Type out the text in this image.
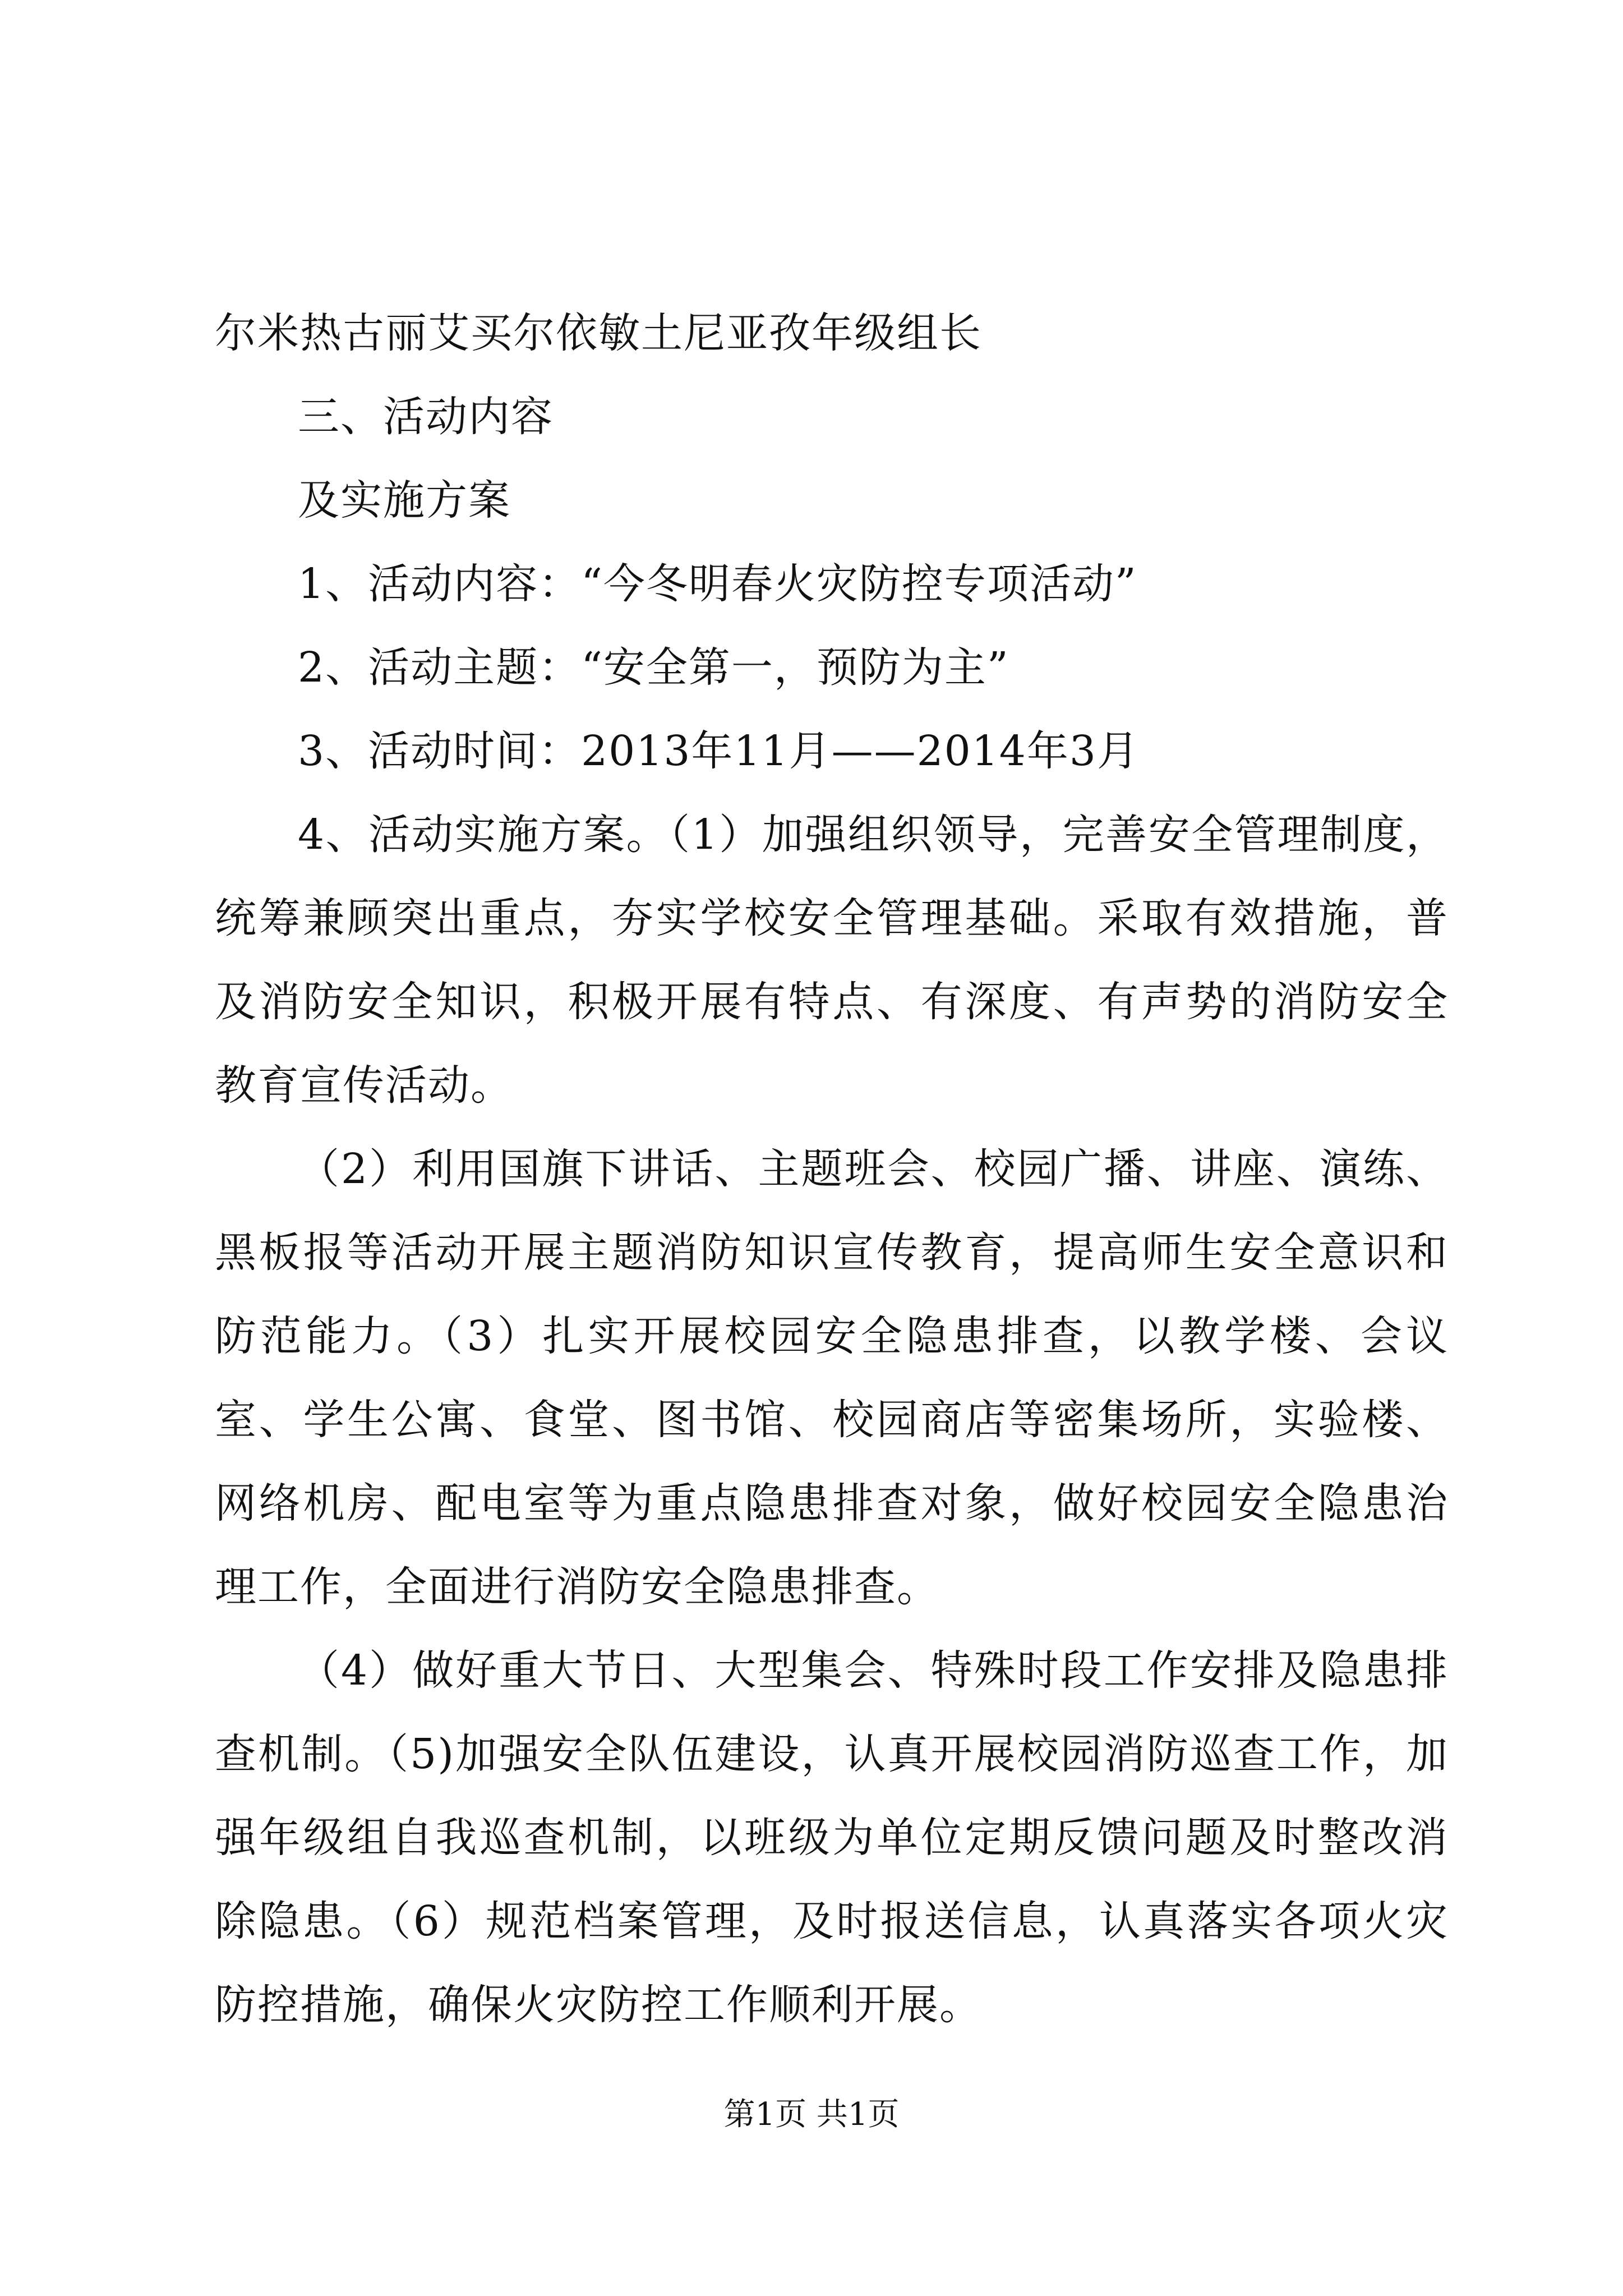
尔米热古丽艾买尔依敏土尼亚孜年级组长

三、活动内容

及实施方案

1、活动内容：“今冬明春火灾防控专项活动”

2、活动主题：“安全第一，预防为主”

3、活动时间：2013年11月——2014年3月

4、活动实施方案。（1）加强组织领导，完善安全管理制度，统筹兼顾突出重点，夯实学校安全管理基础。采取有效措施，普及消防安全知识，积极开展有特点、有深度、有声势的消防安全教育宣传活动。

（2）利用国旗下讲话、主题班会、校园广播、讲座、演练、黑板报等活动开展主题消防知识宣传教育，提高师生安全意识和防范能力。（3）扎实开展校园安全隐患排查，以教学楼、会议室、学生公寓、食堂、图书馆、校园商店等密集场所，实验楼、网络机房、配电室等为重点隐患排查对象，做好校园安全隐患治理工作，全面进行消防安全隐患排查。

（4）做好重大节日、大型集会、特殊时段工作安排及隐患排查机制。（5)加强安全队伍建设，认真开展校园消防巡查工作，加强年级组自我巡查机制，以班级为单位定期反馈问题及时整改消除隐患。（6）规范档案管理，及时报送信息，认真落实各项火灾防控措施，确保火灾防控工作顺利开展。

第1页 共1页
